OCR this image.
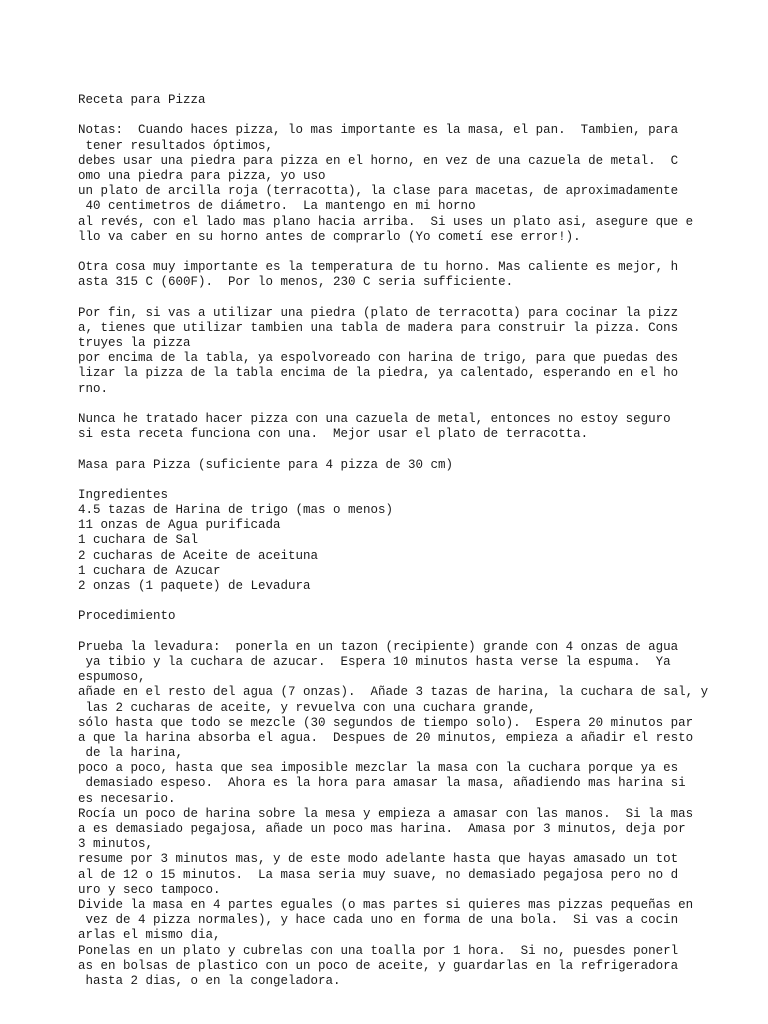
Receta para Pizza
Notas:  Cuando haces pizza, lo mas importante es la masa, el pan.  Tambien, para
tener resultados óptimos,
debes usar una piedra para pizza en el horno, en vez de una cazuela de metal.  C
omo una piedra para pizza, yo uso
un plato de arcilla roja (terracotta), la clase para macetas, de aproximadamente
40 centimetros de diámetro.  La mantengo en mi horno
al revés, con el lado mas plano hacia arriba.  Si uses un plato asi, asegure que e
llo va caber en su horno antes de comprarlo (Yo cometí ese error!).
Otra cosa muy importante es la temperatura de tu horno. Mas caliente es mejor, h
asta 315 C (600F).  Por lo menos, 230 C seria sufficiente.
Por fin, si vas a utilizar una piedra (plato de terracotta) para cocinar la pizz
a, tienes que utilizar tambien una tabla de madera para construir la pizza. Cons
truyes la pizza
por encima de la tabla, ya espolvoreado con harina de trigo, para que puedas des
lizar la pizza de la tabla encima de la piedra, ya calentado, esperando en el ho
rno.
Nunca he tratado hacer pizza con una cazuela de metal, entonces no estoy seguro
si esta receta funciona con una.  Mejor usar el plato de terracotta.
Masa para Pizza (suficiente para 4 pizza de 30 cm)
Ingredientes
4.5 tazas de Harina de trigo (mas o menos)
11 onzas de Agua purificada
1 cuchara de Sal
2 cucharas de Aceite de aceituna
1 cuchara de Azucar
2 onzas (1 paquete) de Levadura
Procedimiento
Prueba la levadura:  ponerla en un tazon (recipiente) grande con 4 onzas de agua
ya tibio y la cuchara de azucar.  Espera 10 minutos hasta verse la espuma.  Ya
espumoso,
añade en el resto del agua (7 onzas).  Añade 3 tazas de harina, la cuchara de sal, y
las 2 cucharas de aceite, y revuelva con una cuchara grande,
sólo hasta que todo se mezcle (30 segundos de tiempo solo).  Espera 20 minutos par
a que la harina absorba el agua.  Despues de 20 minutos, empieza a añadir el resto
de la harina,
poco a poco, hasta que sea imposible mezclar la masa con la cuchara porque ya es
demasiado espeso.  Ahora es la hora para amasar la masa, añadiendo mas harina si
es necesario.
Rocía un poco de harina sobre la mesa y empieza a amasar con las manos.  Si la mas
a es demasiado pegajosa, añade un poco mas harina.  Amasa por 3 minutos, deja por
3 minutos,
resume por 3 minutos mas, y de este modo adelante hasta que hayas amasado un tot
al de 12 o 15 minutos.  La masa seria muy suave, no demasiado pegajosa pero no d
uro y seco tampoco.
Divide la masa en 4 partes eguales (o mas partes si quieres mas pizzas pequeñas en
vez de 4 pizza normales), y hace cada uno en forma de una bola.  Si vas a cocin
arlas el mismo dia,
Ponelas en un plato y cubrelas con una toalla por 1 hora.  Si no, puesdes ponerl
as en bolsas de plastico con un poco de aceite, y guardarlas en la refrigeradora
hasta 2 dias, o en la congeladora.
